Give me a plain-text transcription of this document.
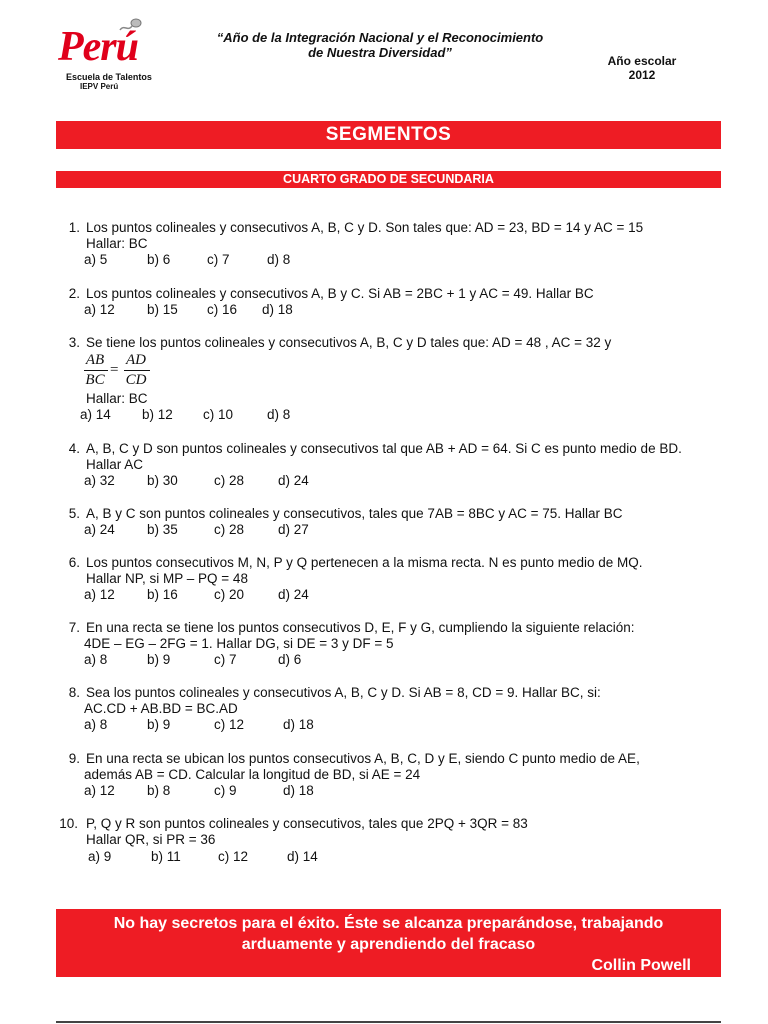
Perú
Escuela de Talentos
IEPV Perú
“Año de la Integración Nacional y el Reconocimiento
de Nuestra Diversidad”
Año escolar
2012
SEGMENTOS
CUARTO GRADO DE SECUNDARIA
1. Los puntos colineales y consecutivos A, B, C y D. Son tales que: AD = 23, BD = 14 y AC = 15
Hallar: BC
a) 5	b) 6	c) 7	d) 8
2. Los puntos colineales y consecutivos A, B y C. Si AB = 2BC + 1 y AC = 49. Hallar BC
a) 12 b) 15 c) 16 d) 18
3. Se tiene los puntos colineales y consecutivos A, B, C y D tales que: AD = 48 , AC = 32 y
Hallar: BC
AB
BC
=
AD
CD
a) 14 b) 12 c) 10	d) 8
4. A, B, C y D son puntos colineales y consecutivos tal que AB + AD = 64. Si C es punto medio de BD.
Hallar AC
a) 32 b) 30	c) 28	d) 24
5. A, B y C son puntos colineales y consecutivos, tales que 7AB = 8BC y AC = 75. Hallar BC
a) 24 b) 35	c) 28	d) 27
6. Los puntos consecutivos M, N, P y Q pertenecen a la misma recta. N es punto medio de MQ.
Hallar NP, si MP – PQ = 48
a) 12 b) 16	c) 20	d) 24
7. En una recta se tiene los puntos consecutivos D, E, F y G, cumpliendo la siguiente relación:
4DE – EG – 2FG = 1. Hallar DG, si DE = 3 y DF = 5
a) 8	b) 9	c) 7	d) 6
8. Sea los puntos colineales y consecutivos A, B, C y D. Si AB = 8, CD = 9. Hallar BC, si:
AC.CD + AB.BD = BC.AD
a) 8	b) 9	c) 12	d) 18
9. En una recta se ubican los puntos consecutivos A, B, C, D y E, siendo C punto medio de AE,
además AB = CD. Calcular la longitud de BD, si AE = 24
a) 12 b) 8	c) 9	d) 18
10. P, Q y R son puntos colineales y consecutivos, tales que 2PQ + 3QR = 83
Hallar QR, si PR = 36
a) 9	b) 11	c) 12	d) 14
No hay secretos para el éxito. Éste se alcanza preparándose, trabajando
arduamente y aprendiendo del fracaso
Collin Powell
